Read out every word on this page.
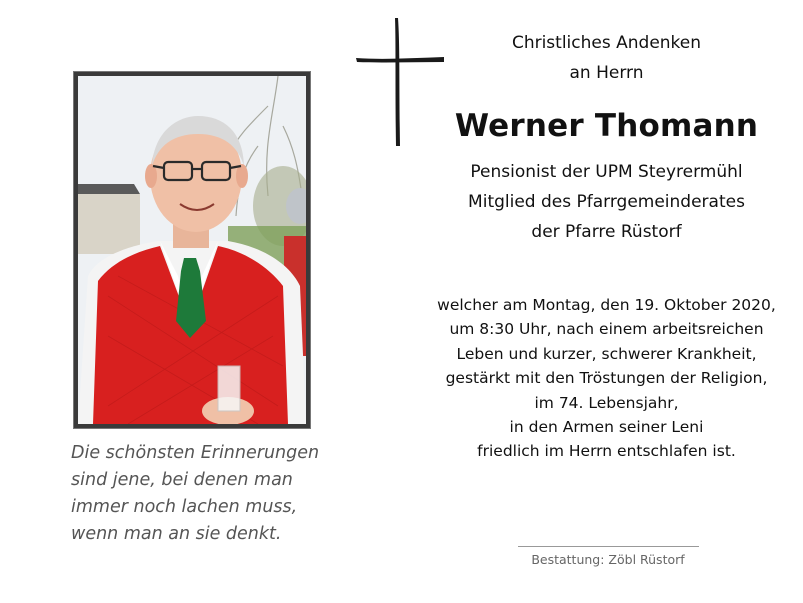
Die schönsten Erinnerungen
sind jene, bei denen man
immer noch lachen muss,
wenn man an sie denkt.
Christliches Andenken
an Herrn
Werner Thomann
Pensionist der UPM Steyrermühl
Mitglied des Pfarrgemeinderates
der Pfarre Rüstorf
welcher am Montag, den 19. Oktober 2020,
um 8:30 Uhr, nach einem arbeitsreichen
Leben und kurzer, schwerer Krankheit,
gestärkt mit den Tröstungen der Religion,
im 74. Lebensjahr,
in den Armen seiner Leni
friedlich im Herrn entschlafen ist.
Bestattung: Zöbl Rüstorf
